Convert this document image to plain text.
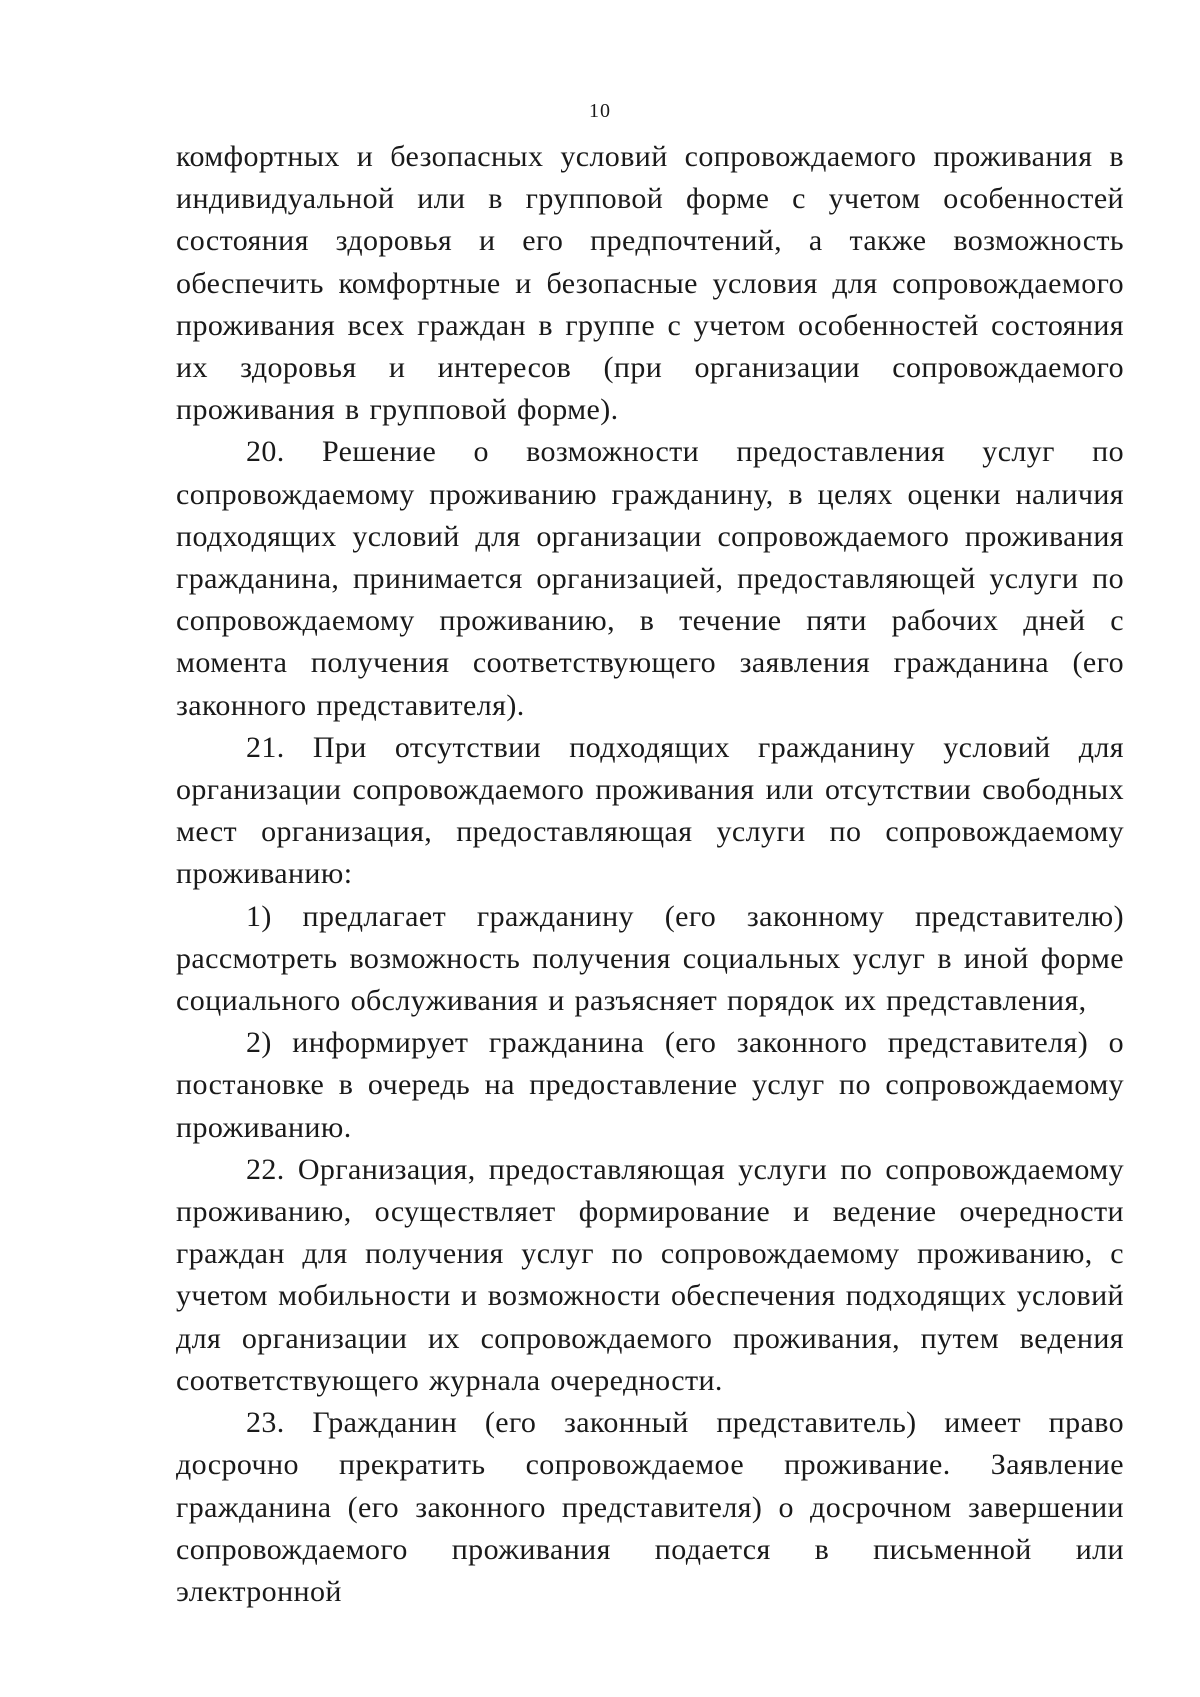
10

комфортных и безопасных условий сопровождаемого проживания в индивидуальной или в групповой форме с учетом особенностей состояния здоровья и его предпочтений, а также возможность обеспечить комфортные и безопасные условия для сопровождаемого проживания всех граждан в группе с учетом особенностей состояния их здоровья и интересов (при организации сопровождаемого проживания в групповой форме).

20. Решение о возможности предоставления услуг по сопровождаемому проживанию гражданину, в целях оценки наличия подходящих условий для организации сопровождаемого проживания гражданина, принимается организацией, предоставляющей услуги по сопровождаемому проживанию, в течение пяти рабочих дней с момента получения соответствующего заявления гражданина (его законного представителя).

21. При отсутствии подходящих гражданину условий для организации сопровождаемого проживания или отсутствии свободных мест организация, предоставляющая услуги по сопровождаемому проживанию:

1) предлагает гражданину (его законному представителю) рассмотреть возможность получения социальных услуг в иной форме социального обслуживания и разъясняет порядок их представления,

2) информирует гражданина (его законного представителя) о постановке в очередь на предоставление услуг по сопровождаемому проживанию.

22. Организация, предоставляющая услуги по сопровождаемому проживанию, осуществляет формирование и ведение очередности граждан для получения услуг по сопровождаемому проживанию, с учетом мобильности и возможности обеспечения подходящих условий для организации их сопровождаемого проживания, путем ведения соответствующего журнала очередности.

23. Гражданин (его законный представитель) имеет право досрочно прекратить сопровождаемое проживание. Заявление гражданина (его законного представителя) о досрочном завершении сопровождаемого проживания подается в письменной или электронной
